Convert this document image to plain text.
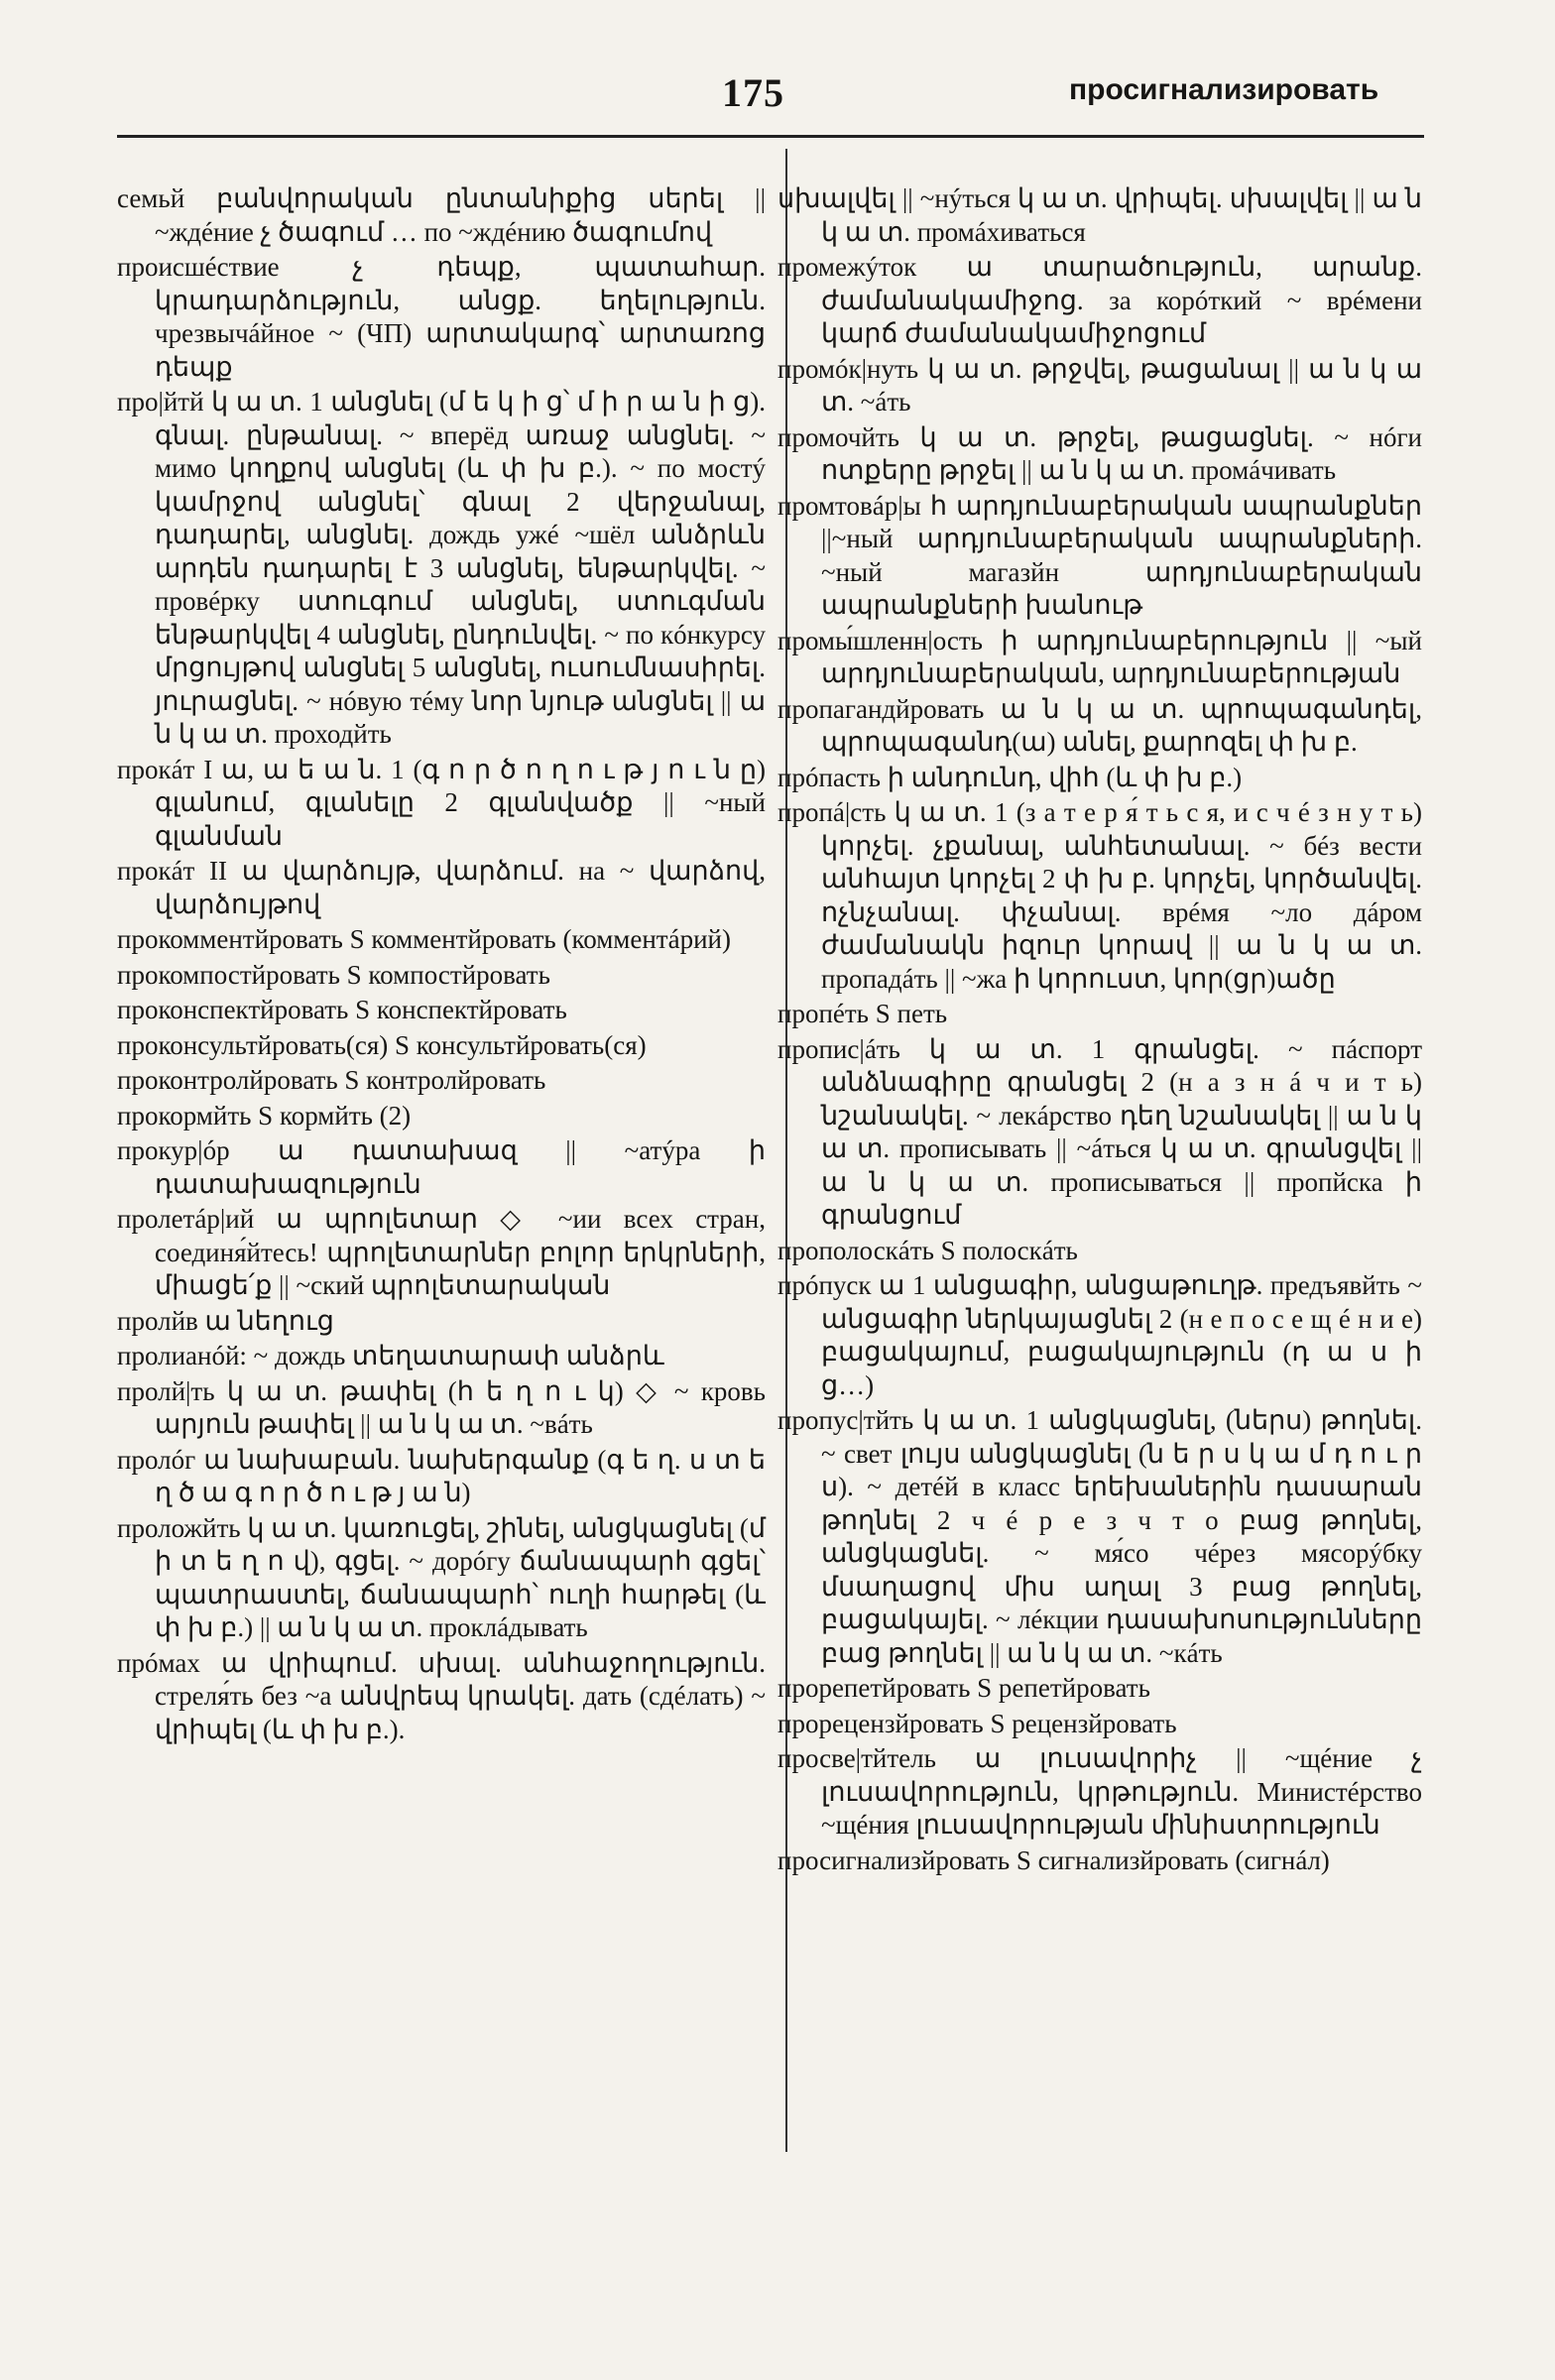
175	просигнализировать

семьй բանվորական ընտանիքից սերել || ~ждéние չ ծագում … по ~ждéнию ծագումով

происшéствие չ դեպք, պատահար. կրադարձություն, անցք. եղելություն. чрезвычáйное ~ (ЧП) արտակարգ՝ արտառոց դեպք

про|йтй կ ա տ. 1 անցնել (մ ե կ ի ց՝ մ ի ր ա ն ի ց). գնալ. ընթանալ. ~ вперёд առաջ անցնել. ~ мимо կողքով անցնել (և փ խ բ.). ~ по мостý կամրջով անցնել՝ գնալ 2 վերջանալ, դադարել, անցնել. дождь ужé ~шёл անձրևն արդեն դադարել է 3 անցնել, ենթարկվել. ~ провéрку ստուգում անցնել, ստուգման ենթարկվել 4 անցնել, ընդունվել. ~ по кóнкурсу մրցույթով անցնել 5 անցնել, ուսումնասիրել. յուրացնել. ~ нóвую тéму նոր նյութ անցնել || ա ն կ ա տ. проходйть

прокáт I ա, ա ե ա ն. 1 (գ ո ր ծ ո ղ ո ւ թ յ ո ւ ն ը) գլանում, գլանելը 2 գլանվածք || ~ный գլանման

прокáт II ա վարձույթ, վարձում. на ~ վարձով, վարձույթով

прокомментйровать S комментйровать (комментáрий)

прокомпостйровать S компостйровать

проконспектйровать S конспектйровать

проконсультйровать(ся) S консультйровать(ся)

проконтролйровать S контролйровать

прокормйть S кормйть (2)

прокур|óр ա դատախազ || ~атýра ի դատախազություն

пролетáр|ий ա պրոլետար ◇ ~ии всех стран, соединя́йтесь! պրոլետարներ բոլոր երկրների, միացե՛ք || ~ский պրոլետարական

пролйв ա նեղուց

пролианóй: ~ дождь տեղատարափ անձրև

пролй|ть կ ա տ. թափել (հ ե ղ ո ւ կ) ◇ ~ кровь արյուն թափել || ա ն կ ա տ. ~вáть

пролóг ա նախաբան. նախերգանք (գ ե ղ. ս տ ե ղ ծ ա գ ո ր ծ ո ւ թ յ ա ն)

проложйть կ ա տ. կառուցել, շինել, անցկացնել (մ ի տ ե ղ ո վ), գցել. ~ дорóгу ճանապարհ գցել՝ պատրաստել, ճանապարհ՝ ուղի հարթել (և փ խ բ.) || ա ն կ ա տ. проклáдывать

прóмах ա վրիպում. սխալ. անհաջողություն. стреля́ть без ~а անվրեպ կրակել. дать (сдéлать) ~ վրիպել (և փ խ բ.).

սխալվել || ~нýться կ ա տ. վրիպել. սխալվել || ա ն կ ա տ. промáхиваться

промежýток ա տարածություն, արանք. ժամանակամիջոց. за корóткий ~ врéмени կարճ ժամանակամիջոցում

промóк|нуть կ ա տ. թրջվել, թացանալ || ա ն կ ա տ. ~áть

промочйть կ ա տ. թրջել, թացացնել. ~ нóги ոտքերը թրջել || ա ն կ ա տ. промáчивать

промтовáр|ы հ արդյունաբերական ապրանքներ ||~ный արդյունաբերական ապրանքների. ~ный магазйн արդյունաբերական ապրանքների խանութ

промы́шленн|ость ի արդյունաբերություն || ~ый արդյունաբերական, արդյունաբերության

пропагандйровать ա ն կ ա տ. պրոպագանդել, պրոպագանդ(ա) անել, քարոզել փ խ բ.

прóпасть ի անդունդ, վիհ (և փ խ բ.)

пропá|сть կ ա տ. 1 (з а т е р я́ т ь с я, и с ч é з н у т ь) կորչել. չքանալ, անհետանալ. ~ бéз вести անհայտ կորչել 2 փ խ բ. կորչել, կործանվել. ոչնչանալ. փչանալ. врéмя ~ло дáром ժամանակն իզուր կորավ || ա ն կ ա տ. пропадáть || ~жа ի կորուստ, կոր(ցր)ածը

пропéть S петь

пропис|áть կ ա տ. 1 գրանցել. ~ пáспорт անձնագիրը գրանցել 2 (н а з н á ч и т ь) նշանակել. ~ лекáрство դեղ նշանակել || ա ն կ ա տ. прописывать || ~áться կ ա տ. գրանցվել || ա ն կ ա տ. прописываться || пропйска ի գրանցում

прополоскáть S полоскáть

прóпуск ա 1 անցագիր, անցաթուղթ. предъявйть ~ անցագիր ներկայացնել 2 (н е п о с е щ é н и е) բացակայում, բացակայություն (դ ա ս ի ց…)

пропус|тйть կ ա տ. 1 անցկացնել, (ներս) թողնել. ~ свет լույս անցկացնել (ն ե ր ս կ ա մ դ ո ւ ր ս). ~ детéй в класс երեխաներին դասարան թողնել 2 ч é р е з ч т о բաց թողնել, անցկացնել. ~ мя́со чéрез мясорýбку մսաղացով միս աղալ 3 բաց թողնել, բացակայել. ~ лéкции դասախոսությունները բաց թողնել || ա ն կ ա տ. ~кáть

прорепетйровать S репетйровать

прорецензйровать S рецензйровать

просве|тйтель ա լուսավորիչ || ~щéние չ լուսավորություն, կրթություն. Министéрство ~щéния լուսավորության մինիստրություն

просигнализйровать S сигнализйровать (сигнáл)
